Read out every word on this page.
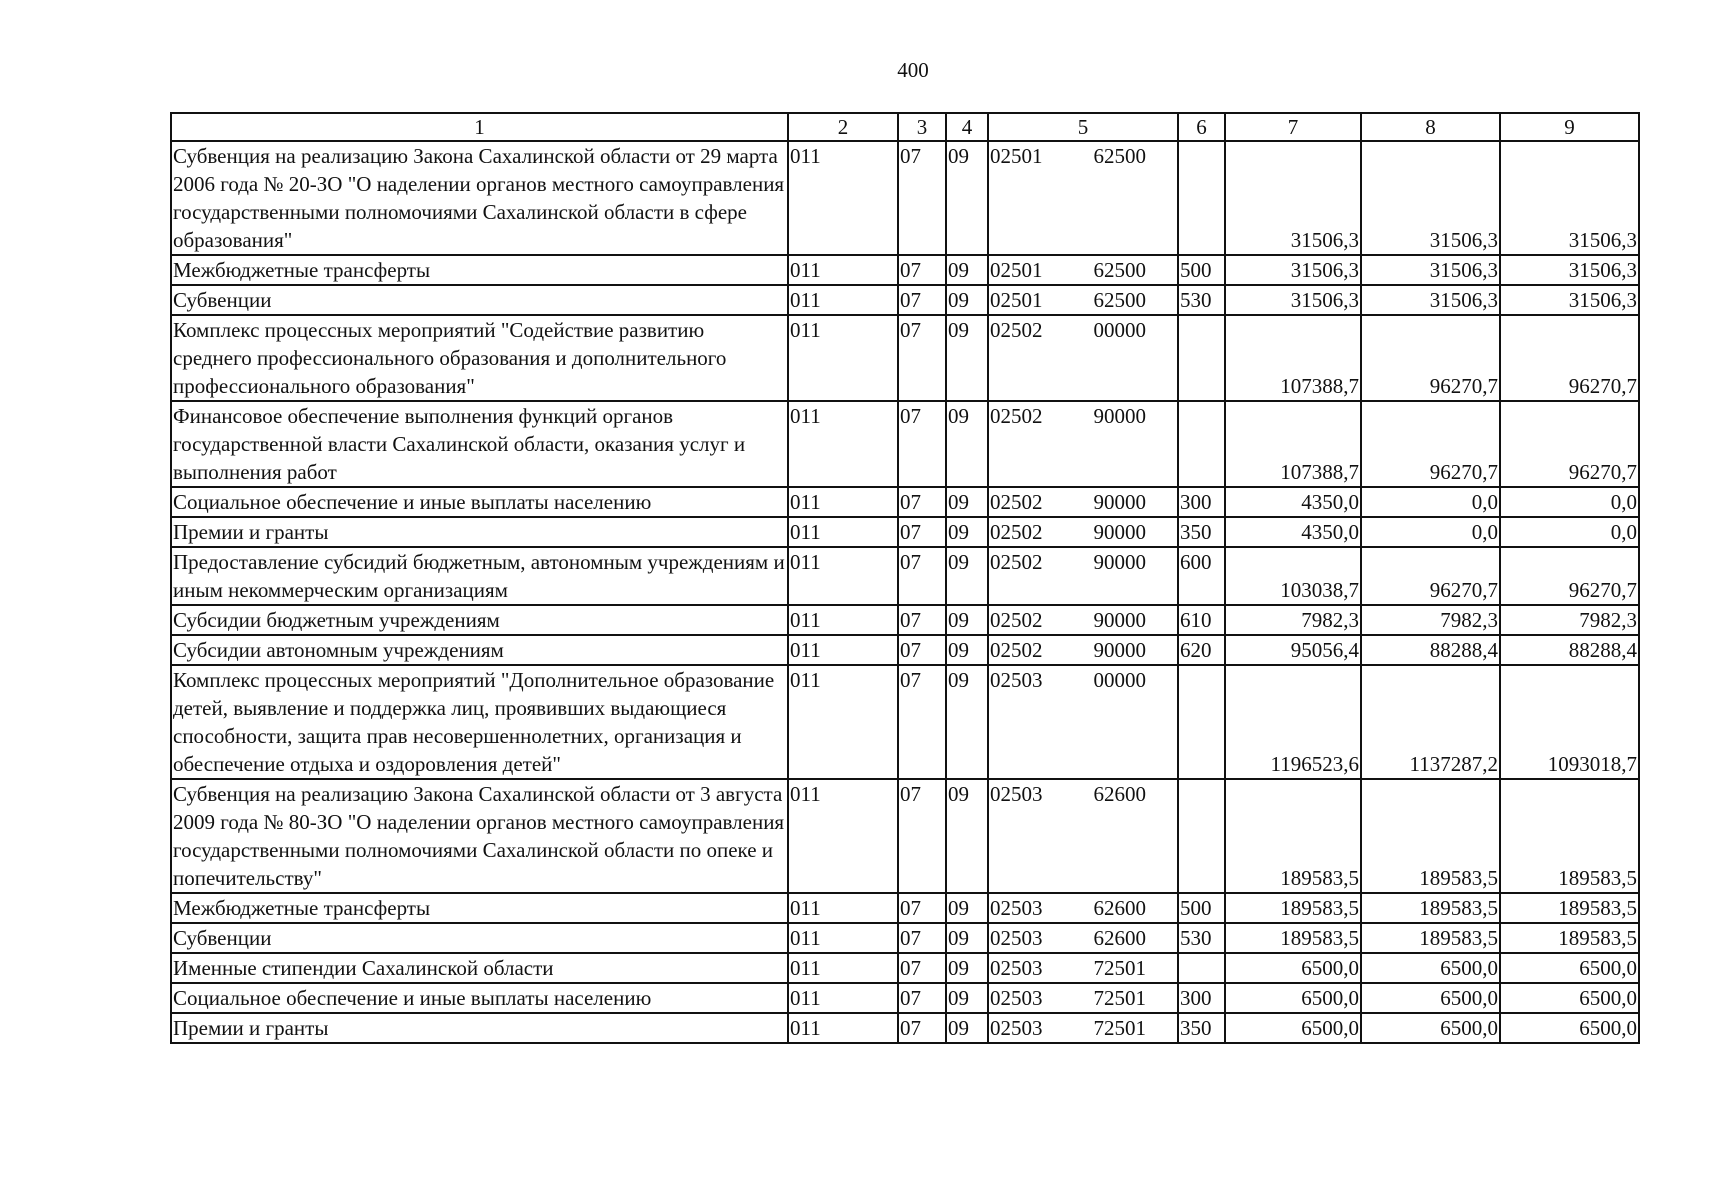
400
1	2	3	4	5	6	7	8	9
Субвенция на реализацию Закона Сахалинской области от 29 марта 2006 года № 20-ЗО "О наделении органов местного самоуправления государственными полномочиями Сахалинской области в сфере образования"	011	07	09	02501 62500		31506,3	31506,3	31506,3
Межбюджетные трансферты	011	07	09	02501 62500	500	31506,3	31506,3	31506,3
Субвенции	011	07	09	02501 62500	530	31506,3	31506,3	31506,3
Комплекс процессных мероприятий "Содействие развитию среднего профессионального образования и дополнительного профессионального образования"	011	07	09	02502 00000		107388,7	96270,7	96270,7
Финансовое обеспечение выполнения функций органов государственной власти Сахалинской области, оказания услуг и выполнения работ	011	07	09	02502 90000		107388,7	96270,7	96270,7
Социальное обеспечение и иные выплаты населению	011	07	09	02502 90000	300	4350,0	0,0	0,0
Премии и гранты	011	07	09	02502 90000	350	4350,0	0,0	0,0
Предоставление субсидий бюджетным, автономным учреждениям и иным некоммерческим организациям	011	07	09	02502 90000	600	103038,7	96270,7	96270,7
Субсидии бюджетным учреждениям	011	07	09	02502 90000	610	7982,3	7982,3	7982,3
Субсидии автономным учреждениям	011	07	09	02502 90000	620	95056,4	88288,4	88288,4
Комплекс процессных мероприятий "Дополнительное образование детей, выявление и поддержка лиц, проявивших выдающиеся способности, защита прав несовершеннолетних, организация и обеспечение отдыха и оздоровления детей"	011	07	09	02503 00000		1196523,6	1137287,2	1093018,7
Субвенция на реализацию Закона Сахалинской области от 3 августа 2009 года № 80-ЗО "О наделении органов местного самоуправления государственными полномочиями Сахалинской области по опеке и попечительству"	011	07	09	02503 62600		189583,5	189583,5	189583,5
Межбюджетные трансферты	011	07	09	02503 62600	500	189583,5	189583,5	189583,5
Субвенции	011	07	09	02503 62600	530	189583,5	189583,5	189583,5
Именные стипендии Сахалинской области	011	07	09	02503 72501		6500,0	6500,0	6500,0
Социальное обеспечение и иные выплаты населению	011	07	09	02503 72501	300	6500,0	6500,0	6500,0
Премии и гранты	011	07	09	02503 72501	350	6500,0	6500,0	6500,0
